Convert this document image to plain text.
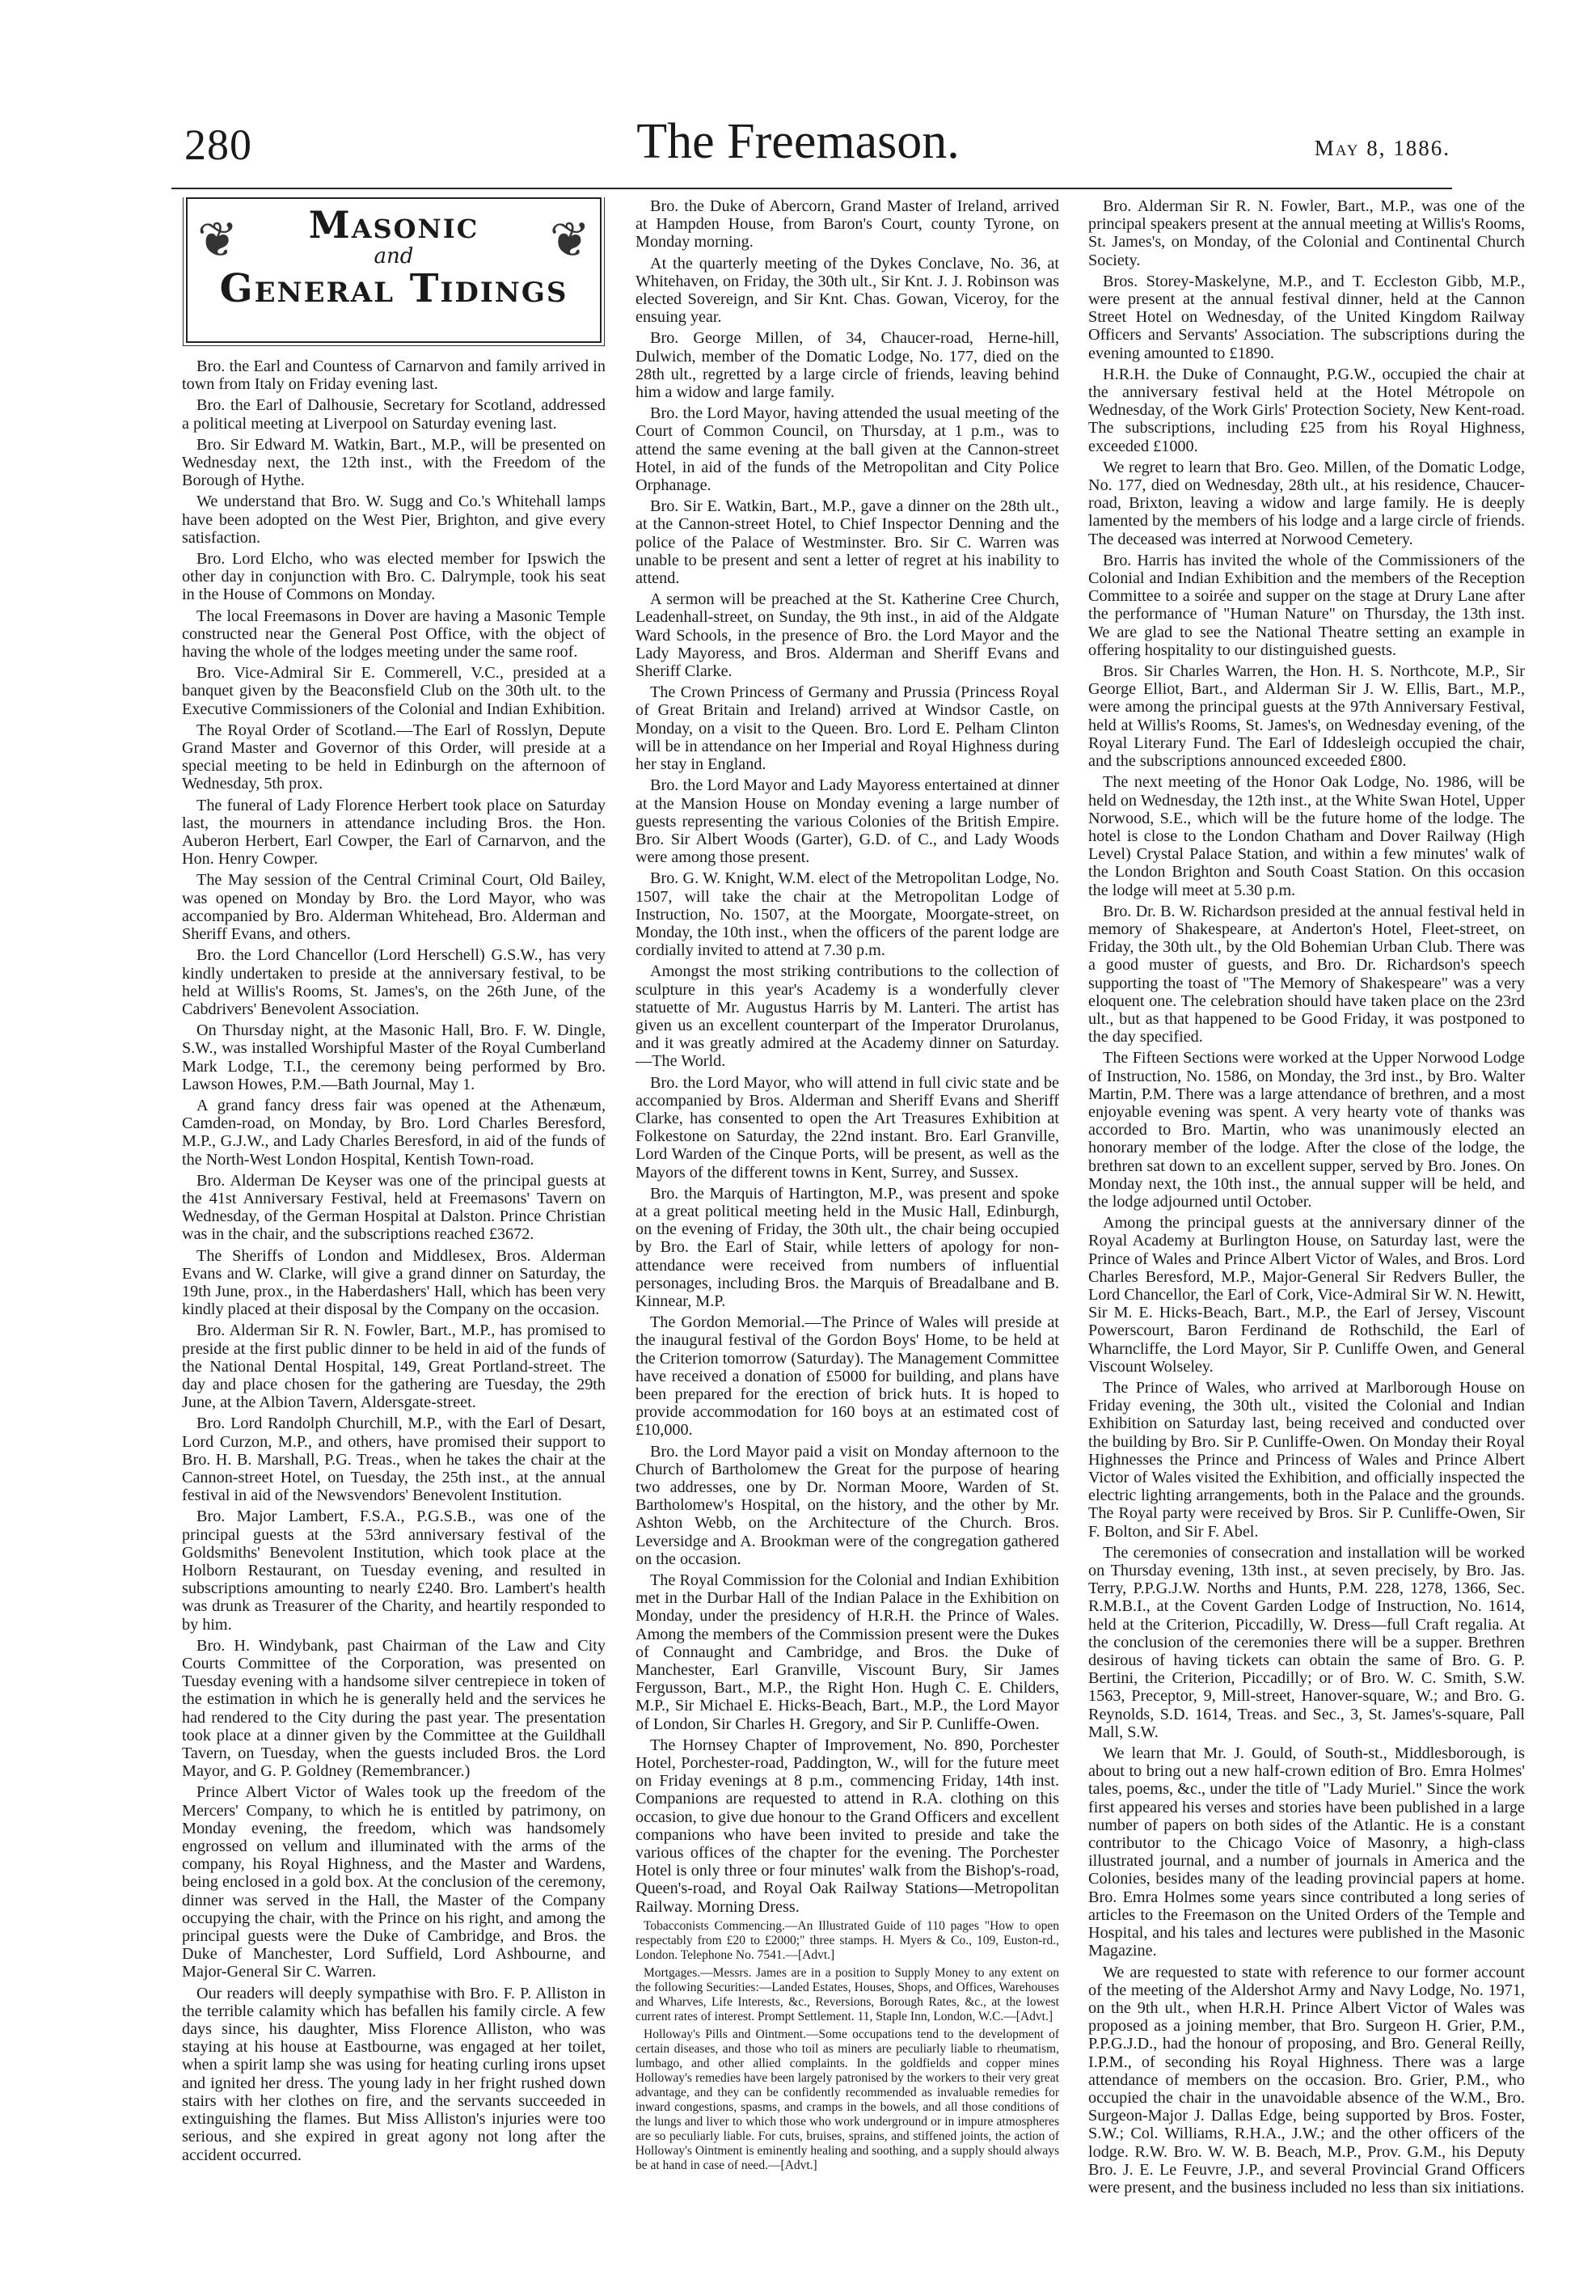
280	The Freemason.	May 8, 1886.
❦	❦
Masonic
and
General Tidings

Bro. the Earl and Countess of Carnarvon and family arrived in town from Italy on Friday evening last.

Bro. the Earl of Dalhousie, Secretary for Scotland, addressed a political meeting at Liverpool on Saturday evening last.

Bro. Sir Edward M. Watkin, Bart., M.P., will be presented on Wednesday next, the 12th inst., with the Freedom of the Borough of Hythe.

We understand that Bro. W. Sugg and Co.'s Whitehall lamps have been adopted on the West Pier, Brighton, and give every satisfaction.

Bro. Lord Elcho, who was elected member for Ipswich the other day in conjunction with Bro. C. Dalrymple, took his seat in the House of Commons on Monday.

The local Freemasons in Dover are having a Masonic Temple constructed near the General Post Office, with the object of having the whole of the lodges meeting under the same roof.

Bro. Vice-Admiral Sir E. Commerell, V.C., presided at a banquet given by the Beaconsfield Club on the 30th ult. to the Executive Commissioners of the Colonial and Indian Exhibition.

The Royal Order of Scotland.—The Earl of Rosslyn, Depute Grand Master and Governor of this Order, will preside at a special meeting to be held in Edinburgh on the afternoon of Wednesday, 5th prox.

The funeral of Lady Florence Herbert took place on Saturday last, the mourners in attendance including Bros. the Hon. Auberon Herbert, Earl Cowper, the Earl of Carnarvon, and the Hon. Henry Cowper.

The May session of the Central Criminal Court, Old Bailey, was opened on Monday by Bro. the Lord Mayor, who was accompanied by Bro. Alderman Whitehead, Bro. Alderman and Sheriff Evans, and others.

Bro. the Lord Chancellor (Lord Herschell) G.S.W., has very kindly undertaken to preside at the anniversary festival, to be held at Willis's Rooms, St. James's, on the 26th June, of the Cabdrivers' Benevolent Association.

On Thursday night, at the Masonic Hall, Bro. F. W. Dingle, S.W., was installed Worshipful Master of the Royal Cumberland Mark Lodge, T.I., the ceremony being performed by Bro. Lawson Howes, P.M.—Bath Journal, May 1.

A grand fancy dress fair was opened at the Athenæum, Camden-road, on Monday, by Bro. Lord Charles Beresford, M.P., G.J.W., and Lady Charles Beresford, in aid of the funds of the North-West London Hospital, Kentish Town-road.

Bro. Alderman De Keyser was one of the principal guests at the 41st Anniversary Festival, held at Freemasons' Tavern on Wednesday, of the German Hospital at Dalston. Prince Christian was in the chair, and the subscriptions reached £3672.

The Sheriffs of London and Middlesex, Bros. Alderman Evans and W. Clarke, will give a grand dinner on Saturday, the 19th June, prox., in the Haberdashers' Hall, which has been very kindly placed at their disposal by the Company on the occasion.

Bro. Alderman Sir R. N. Fowler, Bart., M.P., has promised to preside at the first public dinner to be held in aid of the funds of the National Dental Hospital, 149, Great Portland-street. The day and place chosen for the gathering are Tuesday, the 29th June, at the Albion Tavern, Aldersgate-street.

Bro. Lord Randolph Churchill, M.P., with the Earl of Desart, Lord Curzon, M.P., and others, have promised their support to Bro. H. B. Marshall, P.G. Treas., when he takes the chair at the Cannon-street Hotel, on Tuesday, the 25th inst., at the annual festival in aid of the Newsvendors' Benevolent Institution.

Bro. Major Lambert, F.S.A., P.G.S.B., was one of the principal guests at the 53rd anniversary festival of the Goldsmiths' Benevolent Institution, which took place at the Holborn Restaurant, on Tuesday evening, and resulted in subscriptions amounting to nearly £240. Bro. Lambert's health was drunk as Treasurer of the Charity, and heartily responded to by him.

Bro. H. Windybank, past Chairman of the Law and City Courts Committee of the Corporation, was presented on Tuesday evening with a handsome silver centrepiece in token of the estimation in which he is generally held and the services he had rendered to the City during the past year. The presentation took place at a dinner given by the Committee at the Guildhall Tavern, on Tuesday, when the guests included Bros. the Lord Mayor, and G. P. Goldney (Remembrancer.)

Prince Albert Victor of Wales took up the freedom of the Mercers' Company, to which he is entitled by patrimony, on Monday evening, the freedom, which was handsomely engrossed on vellum and illuminated with the arms of the company, his Royal Highness, and the Master and Wardens, being enclosed in a gold box. At the conclusion of the ceremony, dinner was served in the Hall, the Master of the Company occupying the chair, with the Prince on his right, and among the principal guests were the Duke of Cambridge, and Bros. the Duke of Manchester, Lord Suffield, Lord Ashbourne, and Major-General Sir C. Warren.

Our readers will deeply sympathise with Bro. F. P. Alliston in the terrible calamity which has befallen his family circle. A few days since, his daughter, Miss Florence Alliston, who was staying at his house at Eastbourne, was engaged at her toilet, when a spirit lamp she was using for heating curling irons upset and ignited her dress. The young lady in her fright rushed down stairs with her clothes on fire, and the servants succeeded in extinguishing the flames. But Miss Alliston's injuries were too serious, and she expired in great agony not long after the accident occurred.

Bro. the Duke of Abercorn, Grand Master of Ireland, arrived at Hampden House, from Baron's Court, county Tyrone, on Monday morning.

At the quarterly meeting of the Dykes Conclave, No. 36, at Whitehaven, on Friday, the 30th ult., Sir Knt. J. J. Robinson was elected Sovereign, and Sir Knt. Chas. Gowan, Viceroy, for the ensuing year.

Bro. George Millen, of 34, Chaucer-road, Herne-hill, Dulwich, member of the Domatic Lodge, No. 177, died on the 28th ult., regretted by a large circle of friends, leaving behind him a widow and large family.

Bro. the Lord Mayor, having attended the usual meeting of the Court of Common Council, on Thursday, at 1 p.m., was to attend the same evening at the ball given at the Cannon-street Hotel, in aid of the funds of the Metropolitan and City Police Orphanage.

Bro. Sir E. Watkin, Bart., M.P., gave a dinner on the 28th ult., at the Cannon-street Hotel, to Chief Inspector Denning and the police of the Palace of Westminster. Bro. Sir C. Warren was unable to be present and sent a letter of regret at his inability to attend.

A sermon will be preached at the St. Katherine Cree Church, Leadenhall-street, on Sunday, the 9th inst., in aid of the Aldgate Ward Schools, in the presence of Bro. the Lord Mayor and the Lady Mayoress, and Bros. Alderman and Sheriff Evans and Sheriff Clarke.

The Crown Princess of Germany and Prussia (Princess Royal of Great Britain and Ireland) arrived at Windsor Castle, on Monday, on a visit to the Queen. Bro. Lord E. Pelham Clinton will be in attendance on her Imperial and Royal Highness during her stay in England.

Bro. the Lord Mayor and Lady Mayoress entertained at dinner at the Mansion House on Monday evening a large number of guests representing the various Colonies of the British Empire. Bro. Sir Albert Woods (Garter), G.D. of C., and Lady Woods were among those present.

Bro. G. W. Knight, W.M. elect of the Metropolitan Lodge, No. 1507, will take the chair at the Metropolitan Lodge of Instruction, No. 1507, at the Moorgate, Moorgate-street, on Monday, the 10th inst., when the officers of the parent lodge are cordially invited to attend at 7.30 p.m.

Amongst the most striking contributions to the collection of sculpture in this year's Academy is a wonderfully clever statuette of Mr. Augustus Harris by M. Lanteri. The artist has given us an excellent counterpart of the Imperator Drurolanus, and it was greatly admired at the Academy dinner on Saturday.—The World.

Bro. the Lord Mayor, who will attend in full civic state and be accompanied by Bros. Alderman and Sheriff Evans and Sheriff Clarke, has consented to open the Art Treasures Exhibition at Folkestone on Saturday, the 22nd instant. Bro. Earl Granville, Lord Warden of the Cinque Ports, will be present, as well as the Mayors of the different towns in Kent, Surrey, and Sussex.

Bro. the Marquis of Hartington, M.P., was present and spoke at a great political meeting held in the Music Hall, Edinburgh, on the evening of Friday, the 30th ult., the chair being occupied by Bro. the Earl of Stair, while letters of apology for non-attendance were received from numbers of influential personages, including Bros. the Marquis of Breadalbane and B. Kinnear, M.P.

The Gordon Memorial.—The Prince of Wales will preside at the inaugural festival of the Gordon Boys' Home, to be held at the Criterion tomorrow (Saturday). The Management Committee have received a donation of £5000 for building, and plans have been prepared for the erection of brick huts. It is hoped to provide accommodation for 160 boys at an estimated cost of £10,000.

Bro. the Lord Mayor paid a visit on Monday afternoon to the Church of Bartholomew the Great for the purpose of hearing two addresses, one by Dr. Norman Moore, Warden of St. Bartholomew's Hospital, on the history, and the other by Mr. Ashton Webb, on the Architecture of the Church. Bros. Leversidge and A. Brookman were of the congregation gathered on the occasion.

The Royal Commission for the Colonial and Indian Exhibition met in the Durbar Hall of the Indian Palace in the Exhibition on Monday, under the presidency of H.R.H. the Prince of Wales. Among the members of the Commission present were the Dukes of Connaught and Cambridge, and Bros. the Duke of Manchester, Earl Granville, Viscount Bury, Sir James Fergusson, Bart., M.P., the Right Hon. Hugh C. E. Childers, M.P., Sir Michael E. Hicks-Beach, Bart., M.P., the Lord Mayor of London, Sir Charles H. Gregory, and Sir P. Cunliffe-Owen.

The Hornsey Chapter of Improvement, No. 890, Porchester Hotel, Porchester-road, Paddington, W., will for the future meet on Friday evenings at 8 p.m., commencing Friday, 14th inst. Companions are requested to attend in R.A. clothing on this occasion, to give due honour to the Grand Officers and excellent companions who have been invited to preside and take the various offices of the chapter for the evening. The Porchester Hotel is only three or four minutes' walk from the Bishop's-road, Queen's-road, and Royal Oak Railway Stations—Metropolitan Railway. Morning Dress.

Tobacconists Commencing.—An Illustrated Guide of 110 pages "How to open respectably from £20 to £2000;" three stamps. H. Myers & Co., 109, Euston-rd., London. Telephone No. 7541.—[Advt.]

Mortgages.—Messrs. James are in a position to Supply Money to any extent on the following Securities:—Landed Estates, Houses, Shops, and Offices, Warehouses and Wharves, Life Interests, &c., Reversions, Borough Rates, &c., at the lowest current rates of interest. Prompt Settlement. 11, Staple Inn, London, W.C.—[Advt.]

Holloway's Pills and Ointment.—Some occupations tend to the development of certain diseases, and those who toil as miners are peculiarly liable to rheumatism, lumbago, and other allied complaints. In the goldfields and copper mines Holloway's remedies have been largely patronised by the workers to their very great advantage, and they can be confidently recommended as invaluable remedies for inward congestions, spasms, and cramps in the bowels, and all those conditions of the lungs and liver to which those who work underground or in impure atmospheres are so peculiarly liable. For cuts, bruises, sprains, and stiffened joints, the action of Holloway's Ointment is eminently healing and soothing, and a supply should always be at hand in case of need.—[Advt.]

Bro. Alderman Sir R. N. Fowler, Bart., M.P., was one of the principal speakers present at the annual meeting at Willis's Rooms, St. James's, on Monday, of the Colonial and Continental Church Society.

Bros. Storey-Maskelyne, M.P., and T. Eccleston Gibb, M.P., were present at the annual festival dinner, held at the Cannon Street Hotel on Wednesday, of the United Kingdom Railway Officers and Servants' Association. The subscriptions during the evening amounted to £1890.

H.R.H. the Duke of Connaught, P.G.W., occupied the chair at the anniversary festival held at the Hotel Métropole on Wednesday, of the Work Girls' Protection Society, New Kent-road. The subscriptions, including £25 from his Royal Highness, exceeded £1000.

We regret to learn that Bro. Geo. Millen, of the Domatic Lodge, No. 177, died on Wednesday, 28th ult., at his residence, Chaucer-road, Brixton, leaving a widow and large family. He is deeply lamented by the members of his lodge and a large circle of friends. The deceased was interred at Norwood Cemetery.

Bro. Harris has invited the whole of the Commissioners of the Colonial and Indian Exhibition and the members of the Reception Committee to a soirée and supper on the stage at Drury Lane after the performance of "Human Nature" on Thursday, the 13th inst. We are glad to see the National Theatre setting an example in offering hospitality to our distinguished guests.

Bros. Sir Charles Warren, the Hon. H. S. Northcote, M.P., Sir George Elliot, Bart., and Alderman Sir J. W. Ellis, Bart., M.P., were among the principal guests at the 97th Anniversary Festival, held at Willis's Rooms, St. James's, on Wednesday evening, of the Royal Literary Fund. The Earl of Iddesleigh occupied the chair, and the subscriptions announced exceeded £800.

The next meeting of the Honor Oak Lodge, No. 1986, will be held on Wednesday, the 12th inst., at the White Swan Hotel, Upper Norwood, S.E., which will be the future home of the lodge. The hotel is close to the London Chatham and Dover Railway (High Level) Crystal Palace Station, and within a few minutes' walk of the London Brighton and South Coast Station. On this occasion the lodge will meet at 5.30 p.m.

Bro. Dr. B. W. Richardson presided at the annual festival held in memory of Shakespeare, at Anderton's Hotel, Fleet-street, on Friday, the 30th ult., by the Old Bohemian Urban Club. There was a good muster of guests, and Bro. Dr. Richardson's speech supporting the toast of "The Memory of Shakespeare" was a very eloquent one. The celebration should have taken place on the 23rd ult., but as that happened to be Good Friday, it was postponed to the day specified.

The Fifteen Sections were worked at the Upper Norwood Lodge of Instruction, No. 1586, on Monday, the 3rd inst., by Bro. Walter Martin, P.M. There was a large attendance of brethren, and a most enjoyable evening was spent. A very hearty vote of thanks was accorded to Bro. Martin, who was unanimously elected an honorary member of the lodge. After the close of the lodge, the brethren sat down to an excellent supper, served by Bro. Jones. On Monday next, the 10th inst., the annual supper will be held, and the lodge adjourned until October.

Among the principal guests at the anniversary dinner of the Royal Academy at Burlington House, on Saturday last, were the Prince of Wales and Prince Albert Victor of Wales, and Bros. Lord Charles Beresford, M.P., Major-General Sir Redvers Buller, the Lord Chancellor, the Earl of Cork, Vice-Admiral Sir W. N. Hewitt, Sir M. E. Hicks-Beach, Bart., M.P., the Earl of Jersey, Viscount Powerscourt, Baron Ferdinand de Rothschild, the Earl of Wharncliffe, the Lord Mayor, Sir P. Cunliffe Owen, and General Viscount Wolseley.

The Prince of Wales, who arrived at Marlborough House on Friday evening, the 30th ult., visited the Colonial and Indian Exhibition on Saturday last, being received and conducted over the building by Bro. Sir P. Cunliffe-Owen. On Monday their Royal Highnesses the Prince and Princess of Wales and Prince Albert Victor of Wales visited the Exhibition, and officially inspected the electric lighting arrangements, both in the Palace and the grounds. The Royal party were received by Bros. Sir P. Cunliffe-Owen, Sir F. Bolton, and Sir F. Abel.

The ceremonies of consecration and installation will be worked on Thursday evening, 13th inst., at seven precisely, by Bro. Jas. Terry, P.P.G.J.W. Norths and Hunts, P.M. 228, 1278, 1366, Sec. R.M.B.I., at the Covent Garden Lodge of Instruction, No. 1614, held at the Criterion, Piccadilly, W. Dress—full Craft regalia. At the conclusion of the ceremonies there will be a supper. Brethren desirous of having tickets can obtain the same of Bro. G. P. Bertini, the Criterion, Piccadilly; or of Bro. W. C. Smith, S.W. 1563, Preceptor, 9, Mill-street, Hanover-square, W.; and Bro. G. Reynolds, S.D. 1614, Treas. and Sec., 3, St. James's-square, Pall Mall, S.W.

We learn that Mr. J. Gould, of South-st., Middlesborough, is about to bring out a new half-crown edition of Bro. Emra Holmes' tales, poems, &c., under the title of "Lady Muriel." Since the work first appeared his verses and stories have been published in a large number of papers on both sides of the Atlantic. He is a constant contributor to the Chicago Voice of Masonry, a high-class illustrated journal, and a number of journals in America and the Colonies, besides many of the leading provincial papers at home. Bro. Emra Holmes some years since contributed a long series of articles to the Freemason on the United Orders of the Temple and Hospital, and his tales and lectures were published in the Masonic Magazine.

We are requested to state with reference to our former account of the meeting of the Aldershot Army and Navy Lodge, No. 1971, on the 9th ult., when H.R.H. Prince Albert Victor of Wales was proposed as a joining member, that Bro. Surgeon H. Grier, P.M., P.P.G.J.D., had the honour of proposing, and Bro. General Reilly, I.P.M., of seconding his Royal Highness. There was a large attendance of members on the occasion. Bro. Grier, P.M., who occupied the chair in the unavoidable absence of the W.M., Bro. Surgeon-Major J. Dallas Edge, being supported by Bros. Foster, S.W.; Col. Williams, R.H.A., J.W.; and the other officers of the lodge. R.W. Bro. W. W. B. Beach, M.P., Prov. G.M., his Deputy Bro. J. E. Le Feuvre, J.P., and several Provincial Grand Officers were present, and the business included no less than six initiations.
